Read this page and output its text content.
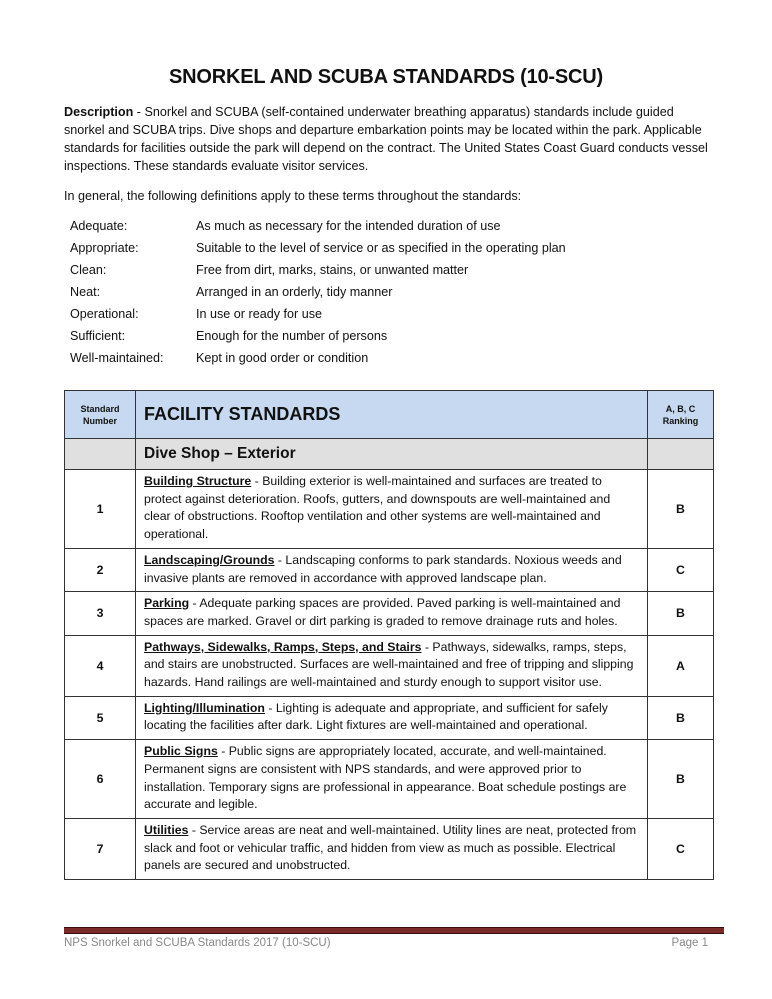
SNORKEL AND SCUBA STANDARDS (10-SCU)
Description - Snorkel and SCUBA (self-contained underwater breathing apparatus) standards include guided snorkel and SCUBA trips. Dive shops and departure embarkation points may be located within the park. Applicable standards for facilities outside the park will depend on the contract. The United States Coast Guard conducts vessel inspections. These standards evaluate visitor services.
In general, the following definitions apply to these terms throughout the standards:
Adequate:	As much as necessary for the intended duration of use
Appropriate:	Suitable to the level of service or as specified in the operating plan
Clean:	Free from dirt, marks, stains, or unwanted matter
Neat:	Arranged in an orderly, tidy manner
Operational:	In use or ready for use
Sufficient:	Enough for the number of persons
Well-maintained:	Kept in good order or condition
Standard Number	FACILITY STANDARDS	A, B, C Ranking
	Dive Shop – Exterior	
1	Building Structure - Building exterior is well-maintained and surfaces are treated to protect against deterioration. Roofs, gutters, and downspouts are well-maintained and clear of obstructions. Rooftop ventilation and other systems are well-maintained and operational.	B
2	Landscaping/Grounds - Landscaping conforms to park standards. Noxious weeds and invasive plants are removed in accordance with approved landscape plan.	C
3	Parking - Adequate parking spaces are provided. Paved parking is well-maintained and spaces are marked. Gravel or dirt parking is graded to remove drainage ruts and holes.	B
4	Pathways, Sidewalks, Ramps, Steps, and Stairs - Pathways, sidewalks, ramps, steps, and stairs are unobstructed. Surfaces are well-maintained and free of tripping and slipping hazards. Hand railings are well-maintained and sturdy enough to support visitor use.	A
5	Lighting/Illumination - Lighting is adequate and appropriate, and sufficient for safely locating the facilities after dark. Light fixtures are well-maintained and operational.	B
6	Public Signs - Public signs are appropriately located, accurate, and well-maintained. Permanent signs are consistent with NPS standards, and were approved prior to installation. Temporary signs are professional in appearance. Boat schedule postings are accurate and legible.	B
7	Utilities - Service areas are neat and well-maintained. Utility lines are neat, protected from slack and foot or vehicular traffic, and hidden from view as much as possible. Electrical panels are secured and unobstructed.	C
NPS Snorkel and SCUBA Standards 2017 (10-SCU)	Page 1
